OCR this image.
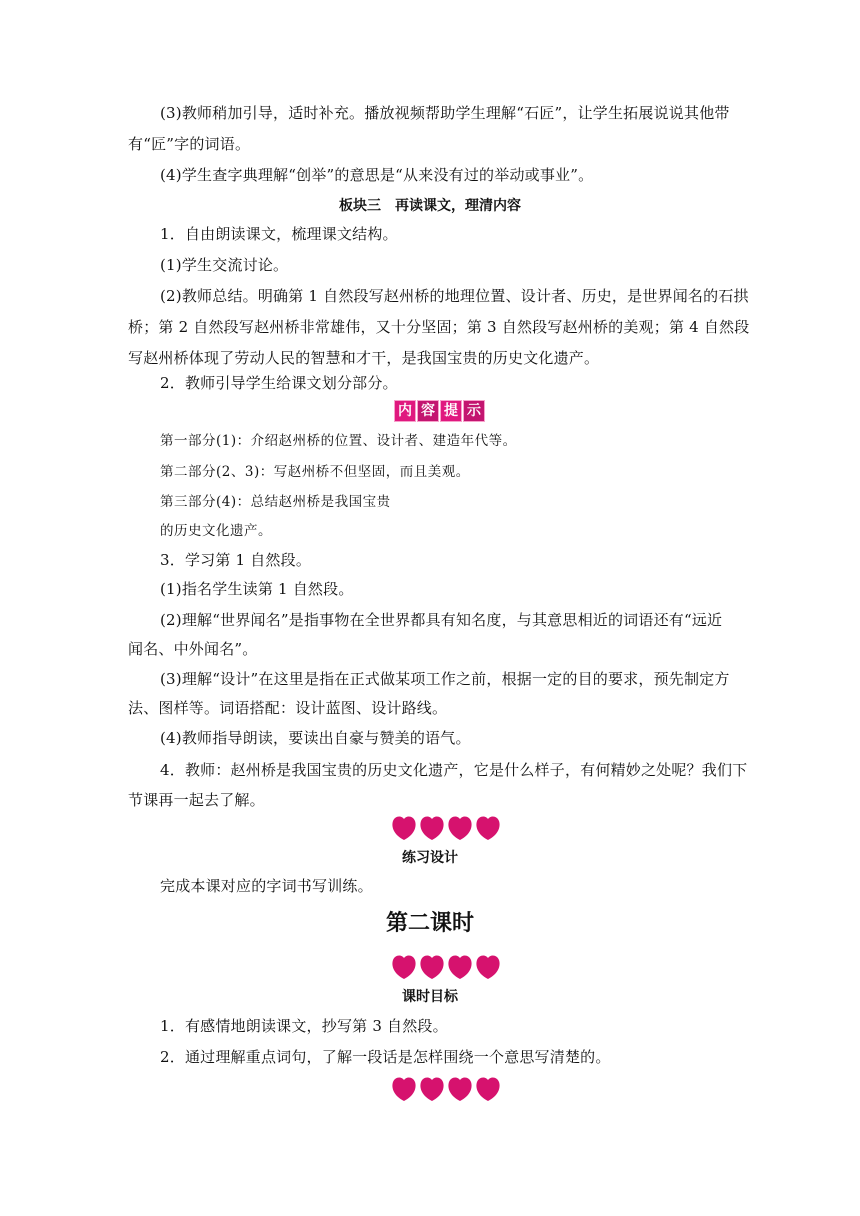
(3)教师稍加引导，适时补充。播放视频帮助学生理解“石匠”，让学生拓展说说其他带
有“匠”字的词语。
(4)学生查字典理解“创举”的意思是“从来没有过的举动或事业”。
板块三　再读课文，理清内容
1．自由朗读课文，梳理课文结构。
(1)学生交流讨论。
(2)教师总结。明确第 1 自然段写赵州桥的地理位置、设计者、历史，是世界闻名的石拱
桥；第 2 自然段写赵州桥非常雄伟，又十分坚固；第 3 自然段写赵州桥的美观；第 4 自然段
写赵州桥体现了劳动人民的智慧和才干，是我国宝贵的历史文化遗产。
2．教师引导学生给课文划分部分。
内 容 提 示
第一部分(1)：介绍赵州桥的位置、设计者、建造年代等。
第二部分(2、3)：写赵州桥不但坚固，而且美观。
第三部分(4)：总结赵州桥是我国宝贵
的历史文化遗产。
3．学习第 1 自然段。
(1)指名学生读第 1 自然段。
(2)理解“世界闻名”是指事物在全世界都具有知名度，与其意思相近的词语还有“远近
闻名、中外闻名”。
(3)理解“设计”在这里是指在正式做某项工作之前，根据一定的目的要求，预先制定方
法、图样等。词语搭配：设计蓝图、设计路线。
(4)教师指导朗读，要读出自豪与赞美的语气。
4．教师：赵州桥是我国宝贵的历史文化遗产，它是什么样子，有何精妙之处呢？我们下
节课再一起去了解。
练习设计
完成本课对应的字词书写训练。
第二课时
课时目标
1．有感情地朗读课文，抄写第 3 自然段。
2．通过理解重点词句，了解一段话是怎样围绕一个意思写清楚的。
